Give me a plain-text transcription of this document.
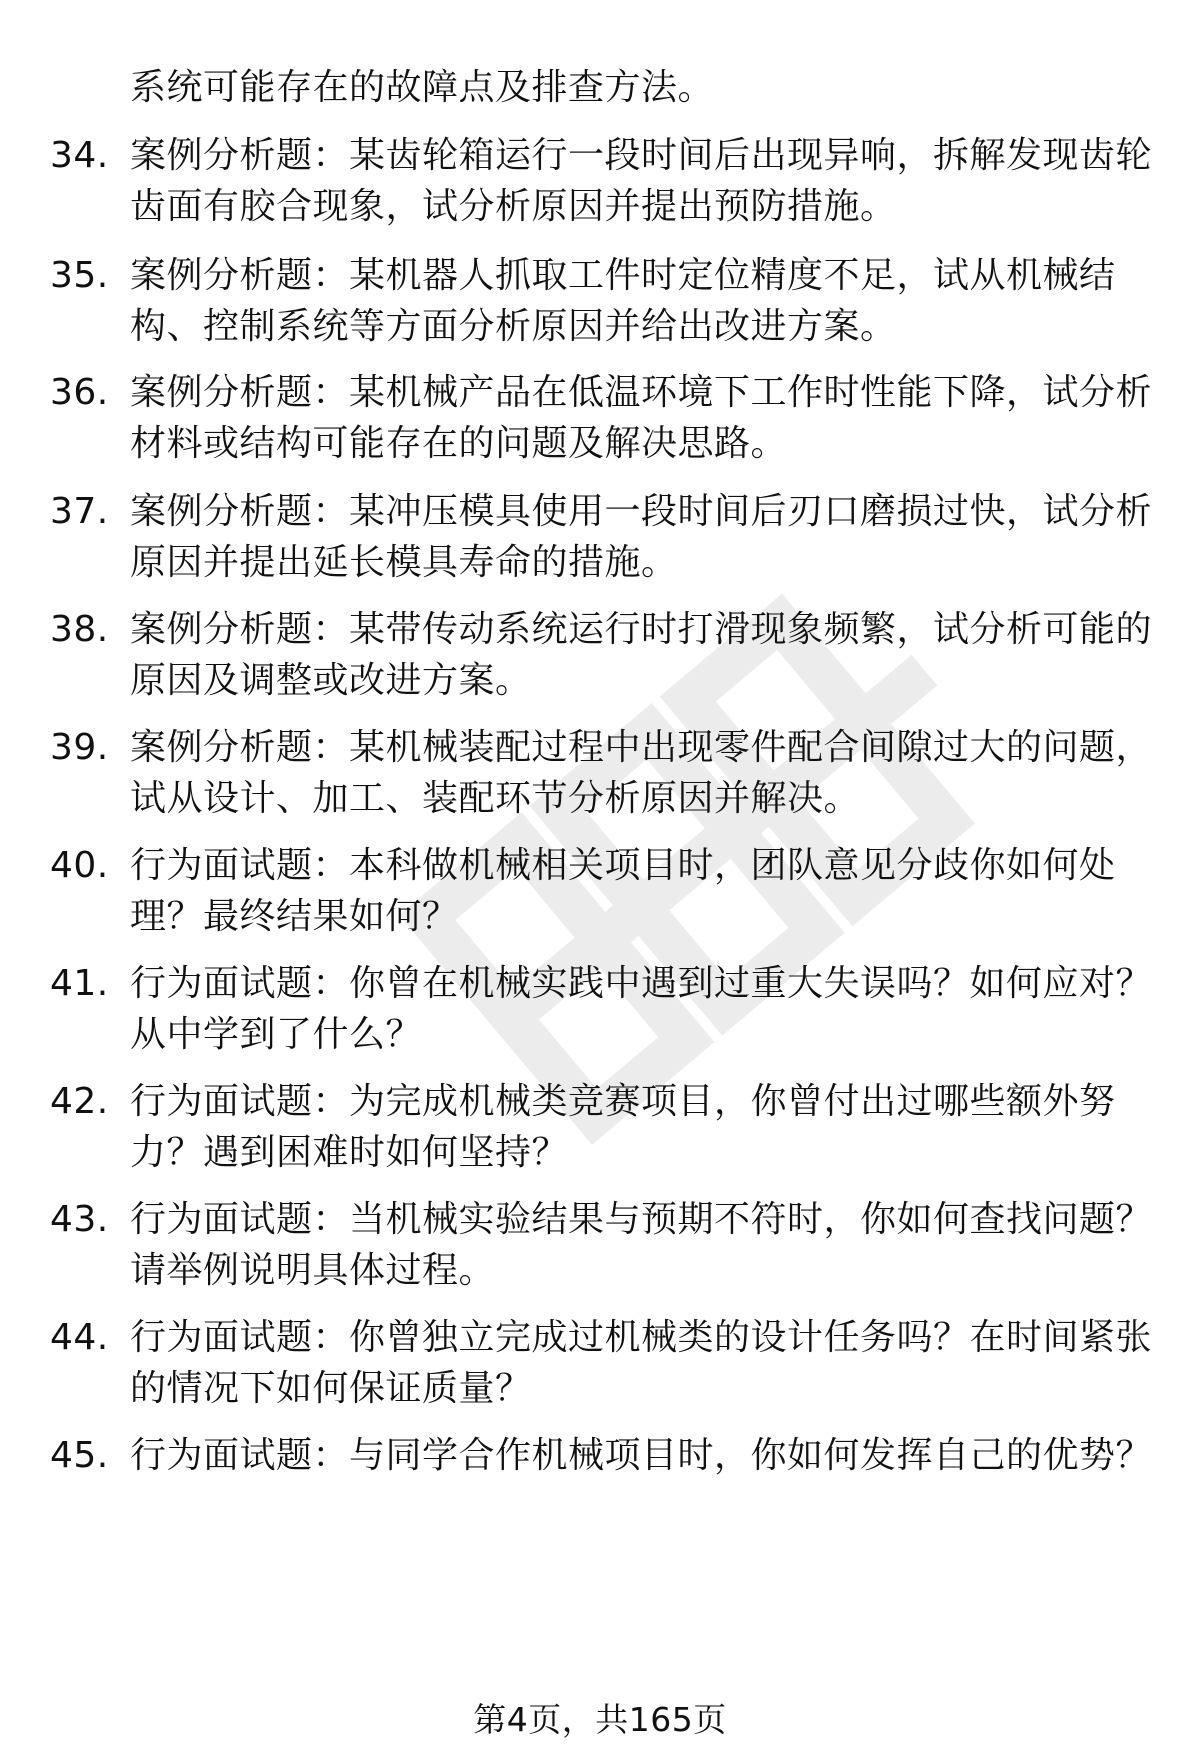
系统可能存在的故障点及排查方法。
34. 案例分析题：某齿轮箱运行一段时间后出现异响，拆解发现齿轮齿面有胶合现象，试分析原因并提出预防措施。
35. 案例分析题：某机器人抓取工件时定位精度不足，试从机械结构、控制系统等方面分析原因并给出改进方案。
36. 案例分析题：某机械产品在低温环境下工作时性能下降，试分析材料或结构可能存在的问题及解决思路。
37. 案例分析题：某冲压模具使用一段时间后刃口磨损过快，试分析原因并提出延长模具寿命的措施。
38. 案例分析题：某带传动系统运行时打滑现象频繁，试分析可能的原因及调整或改进方案。
39. 案例分析题：某机械装配过程中出现零件配合间隙过大的问题，试从设计、加工、装配环节分析原因并解决。
40. 行为面试题：本科做机械相关项目时，团队意见分歧你如何处理？最终结果如何？
41. 行为面试题：你曾在机械实践中遇到过重大失误吗？如何应对？从中学到了什么？
42. 行为面试题：为完成机械类竞赛项目，你曾付出过哪些额外努力？遇到困难时如何坚持？
43. 行为面试题：当机械实验结果与预期不符时，你如何查找问题？请举例说明具体过程。
44. 行为面试题：你曾独立完成过机械类的设计任务吗？在时间紧张的情况下如何保证质量？
45. 行为面试题：与同学合作机械项目时，你如何发挥自己的优势？
第4页，共165页
